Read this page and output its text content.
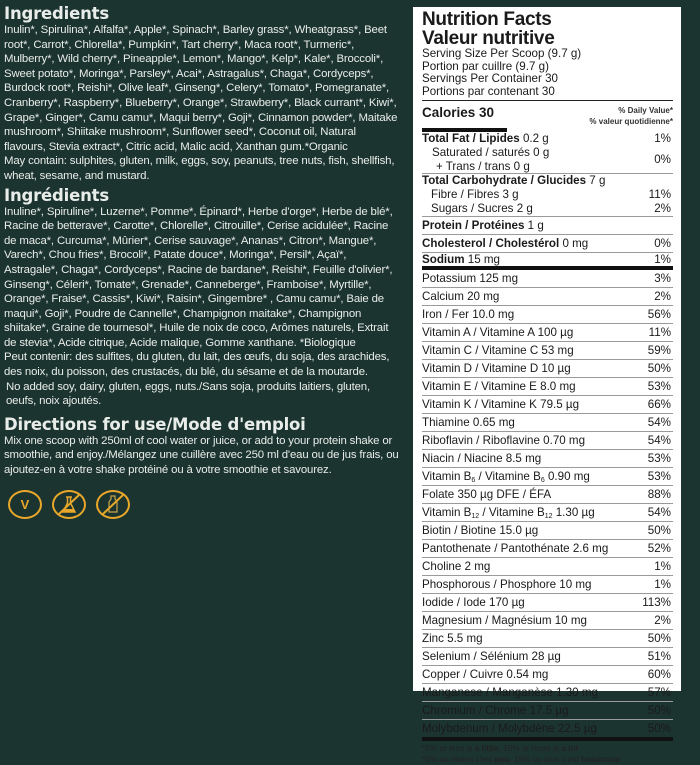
Ingredients

Inulin*, Spirulina*, Alfalfa*, Apple*, Spinach*, Barley grass*, Wheatgrass*, Beet root*, Carrot*, Chlorella*, Pumpkin*, Tart cherry*, Maca root*, Turmeric*, Mulberry*, Wild cherry*, Pineapple*, Lemon*, Mango*, Kelp*, Kale*, Broccoli*, Sweet potato*, Moringa*, Parsley*, Acai*, Astragalus*, Chaga*, Cordyceps*, Burdock root*, Reishi*, Olive leaf*, Ginseng*, Celery*, Tomato*, Pomegranate*, Cranberry*, Raspberry*, Blueberry*, Orange*, Strawberry*, Black currant*, Kiwi*, Grape*, Ginger*, Camu camu*, Maqui berry*, Goji*, Cinnamon powder*, Maitake mushroom*, Shiitake mushroom*, Sunflower seed*, Coconut oil, Natural flavours, Stevia extract*, Citric acid, Malic acid, Xanthan gum.*Organic

May contain: sulphites, gluten, milk, eggs, soy, peanuts, tree nuts, fish, shellfish, wheat, sesame, and mustard.

Ingrédients

Inuline*, Spiruline*, Luzerne*, Pomme*, Épinard*, Herbe d'orge*, Herbe de blé*, Racine de betterave*, Carotte*, Chlorelle*, Citrouille*, Cerise acidulée*, Racine de maca*, Curcuma*, Mûrier*, Cerise sauvage*, Ananas*, Citron*, Mangue*, Varech*, Chou fries*, Brocoli*, Patate douce*, Moringa*, Persil*, Açaï*, Astragale*, Chaga*, Cordyceps*, Racine de bardane*, Reishi*, Feuille d'olivier*, Ginseng*, Céleri*, Tomate*, Grenade*, Canneberge*, Framboise*, Myrtille*, Orange*, Fraise*, Cassis*, Kiwi*, Raisin*, Gingembre* , Camu camu*, Baie de maqui*, Goji*, Poudre de Cannelle*, Champignon maitake*, Champignon shiitake*, Graine de tournesol*, Huile de noix de coco, Arômes naturels, Extrait de stevia*, Acide citrique, Acide malique, Gomme xanthane. *Biologique

Peut contenir: des sulfites, du gluten, du lait, des œufs, du soja, des arachides, des noix, du poisson, des crustacés, du blé, du sésame et de la moutarde.

No added soy, dairy, gluten, eggs, nuts./Sans soja, produits laitiers, gluten, oeufs, noix ajoutés.

Directions for use/Mode d'emploi

Mix one scoop with 250ml of cool water or juice, or add to your protein shake or smoothie, and enjoy./Mélangez une cuillère avec 250 ml d'eau ou de jus frais, ou ajoutez-en à votre shake protéiné ou à votre smoothie et savourez.

V
Nutrition Facts
Valeur nutritive
Serving Size Per Scoop (9.7 g)
Portion par cuillre (9.7 g)
Servings Per Container 30
Portions par contenant 30
Calories 30	% Daily Value*
% valeur quotidienne*
Total Fat / Lipides 0.2 g	1%
Saturated / saturés 0 g
+ Trans / trans 0 g	0%
Total Carbohydrate / Glucides 7 g
Fibre / Fibres 3 g	11%
Sugars / Sucres 2 g	2%
Protein / Protéines 1 g
Cholesterol / Cholestérol 0 mg	0%
Sodium 15 mg	1%
Potassium 125 mg	3%
Calcium 20 mg	2%
Iron / Fer 10.0 mg	56%
Vitamin A / Vitamine A 100 µg	11%
Vitamin C / Vitamine C 53 mg	59%
Vitamin D / Vitamine D 10 µg	50%
Vitamin E / Vitamine E 8.0 mg	53%
Vitamin K / Vitamine K 79.5 µg	66%
Thiamine 0.65 mg	54%
Riboflavin / Riboflavine 0.70 mg	54%
Niacin / Niacine 8.5 mg	53%
Vitamin $B_6$ / Vitamine $B_6$ 0.90 mg	53%
Folate 350 µg DFE / ÉFA	88%
Vitamin $B_{12}$ / Vitamine $B_{12}$ 1.30 µg	54%
Biotin / Biotine 15.0 µg	50%
Pantothenate / Pantothénate 2.6 mg	52%
Choline 2 mg	1%
Phosphorous / Phosphore 10 mg	1%
Iodide / Iode 170 µg	113%
Magnesium / Magnésium 10 mg	2%
Zinc 5.5 mg	50%
Selenium / Sélénium 28 µg	51%
Copper / Cuivre 0.54 mg	60%
Manganese / Manganèse 1.30 mg	57%
Chromium / Chrome 17.5 µg	50%
Molybdenum / Molybdène 22.5 µg	50%
*5% or less is a little, 15% or more is a lot
*5% ou moins c'est peu, 15% ou plus c'est beaucoup
